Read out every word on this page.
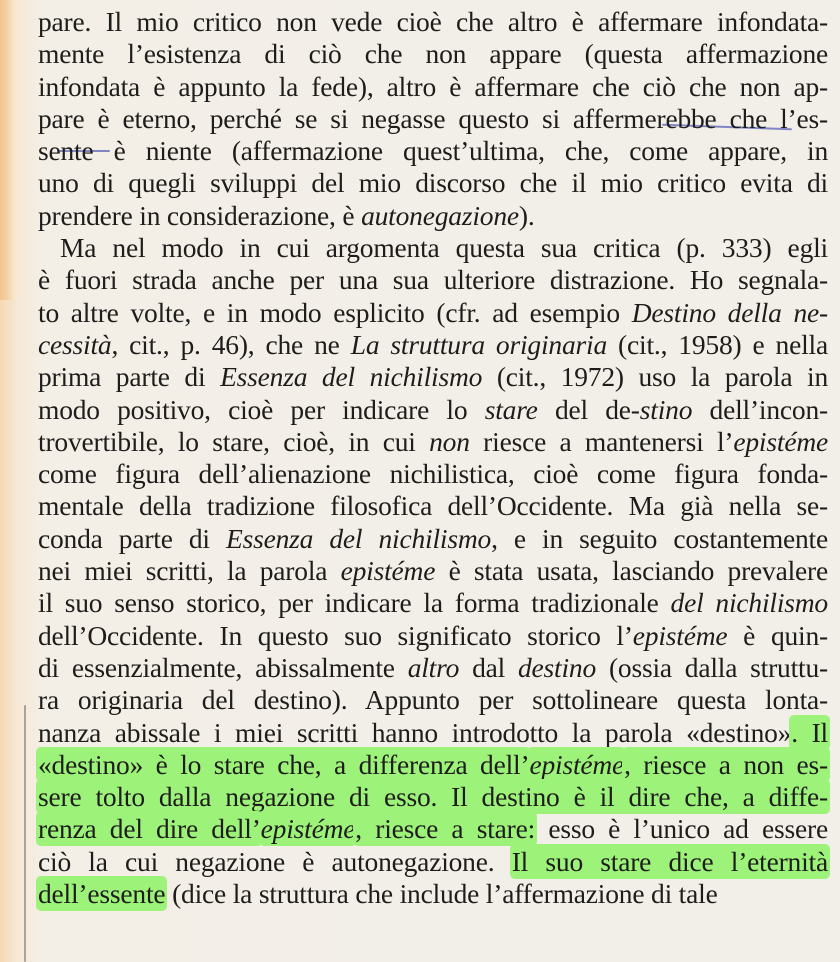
pare. Il mio critico non vede cioè che altro è affermare infondata-
mente l’esistenza di ciò che non appare (questa affermazione
infondata è appunto la fede), altro è affermare che ciò che non ap-
pare è eterno, perché se si negasse questo si affermerebbe che l’es-
sente è niente (affermazione quest’ultima, che, come appare, in
uno di quegli sviluppi del mio discorso che il mio critico evita di
prendere in considerazione, è autonegazione).
Ma nel modo in cui argomenta questa sua critica (p. 333) egli
è fuori strada anche per una sua ulteriore distrazione. Ho segnala-
to altre volte, e in modo esplicito (cfr. ad esempio Destino della ne-
cessità, cit., p. 46), che ne La struttura originaria (cit., 1958) e nella
prima parte di Essenza del nichilismo (cit., 1972) uso la parola in
modo positivo, cioè per indicare lo stare del de-stino dell’incon-
trovertibile, lo stare, cioè, in cui non riesce a mantenersi l’epistéme
come figura dell’alienazione nichilistica, cioè come figura fonda-
mentale della tradizione filosofica dell’Occidente. Ma già nella se-
conda parte di Essenza del nichilismo, e in seguito costantemente
nei miei scritti, la parola epistéme è stata usata, lasciando prevalere
il suo senso storico, per indicare la forma tradizionale del nichilismo
dell’Occidente. In questo suo significato storico l’epistéme è quin-
di essenzialmente, abissalmente altro dal destino (ossia dalla struttu-
ra originaria del destino). Appunto per sottolineare questa lonta-
nanza abissale i miei scritti hanno introdotto la parola «destino». Il
«destino» è lo stare che, a differenza dell’epistéme, riesce a non es-
sere tolto dalla negazione di esso. Il destino è il dire che, a diffe-
renza del dire dell’epistéme, riesce a stare: esso è l’unico ad essere
ciò la cui negazione è autonegazione. Il suo stare dice l’eternità
dell’essente (dice la struttura che include l’affermazione di tale
